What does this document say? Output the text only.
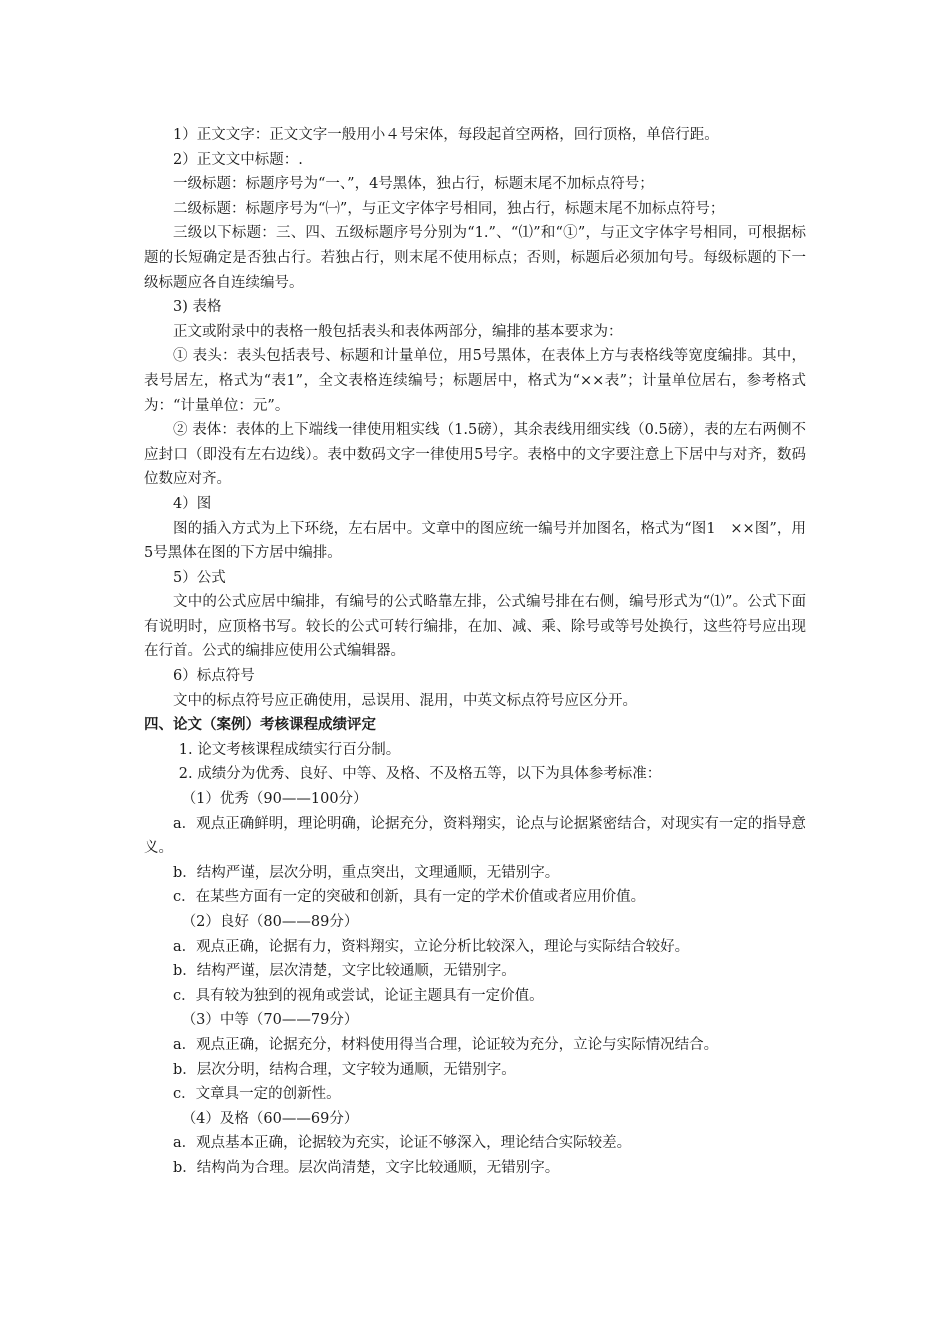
1）正文文字：正文文字一般用小４号宋体，每段起首空两格，回行顶格，单倍行距。

2）正文文中标题：.

一级标题：标题序号为“一、”，4号黑体，独占行，标题末尾不加标点符号；

二级标题：标题序号为“㈠”，与正文字体字号相同，独占行，标题末尾不加标点符号；

三级以下标题：三、四、五级标题序号分别为“1.”、“⑴”和“①”，与正文字体字号相同，可根据标题的长短确定是否独占行。若独占行，则末尾不使用标点；否则，标题后必须加句号。每级标题的下一级标题应各自连续编号。

3) 表格

正文或附录中的表格一般包括表头和表体两部分，编排的基本要求为：

① 表头：表头包括表号、标题和计量单位，用5号黑体，在表体上方与表格线等宽度编排。其中，表号居左，格式为“表1”，全文表格连续编号；标题居中，格式为“××表”；计量单位居右，参考格式为：“计量单位：元”。

② 表体：表体的上下端线一律使用粗实线（1.5磅），其余表线用细实线（0.5磅），表的左右两侧不应封口（即没有左右边线）。表中数码文字一律使用5号字。表格中的文字要注意上下居中与对齐，数码位数应对齐。

4）图

图的插入方式为上下环绕，左右居中。文章中的图应统一编号并加图名，格式为“图1　××图”，用5号黑体在图的下方居中编排。

5）公式

文中的公式应居中编排，有编号的公式略靠左排，公式编号排在右侧，编号形式为“⑴”。公式下面有说明时，应顶格书写。较长的公式可转行编排，在加、减、乘、除号或等号处换行，这些符号应出现在行首。公式的编排应使用公式编辑器。

6）标点符号

文中的标点符号应正确使用，忌误用、混用，中英文标点符号应区分开。

四、论文（案例）考核课程成绩评定

1. 论文考核课程成绩实行百分制。

2. 成绩分为优秀、良好、中等、及格、不及格五等，以下为具体参考标准：

（1）优秀（90——100分）

a．观点正确鲜明，理论明确，论据充分，资料翔实，论点与论据紧密结合，对现实有一定的指导意义。

b．结构严谨，层次分明，重点突出，文理通顺，无错别字。

c．在某些方面有一定的突破和创新，具有一定的学术价值或者应用价值。

（2）良好（80——89分）

a．观点正确，论据有力，资料翔实，立论分析比较深入，理论与实际结合较好。

b．结构严谨，层次清楚，文字比较通顺，无错别字。

c．具有较为独到的视角或尝试，论证主题具有一定价值。

（3）中等（70——79分）

a．观点正确，论据充分，材料使用得当合理，论证较为充分，立论与实际情况结合。

b．层次分明，结构合理，文字较为通顺，无错别字。

c．文章具一定的创新性。

（4）及格（60——69分）

a．观点基本正确，论据较为充实，论证不够深入，理论结合实际较差。

b．结构尚为合理。层次尚清楚，文字比较通顺，无错别字。
